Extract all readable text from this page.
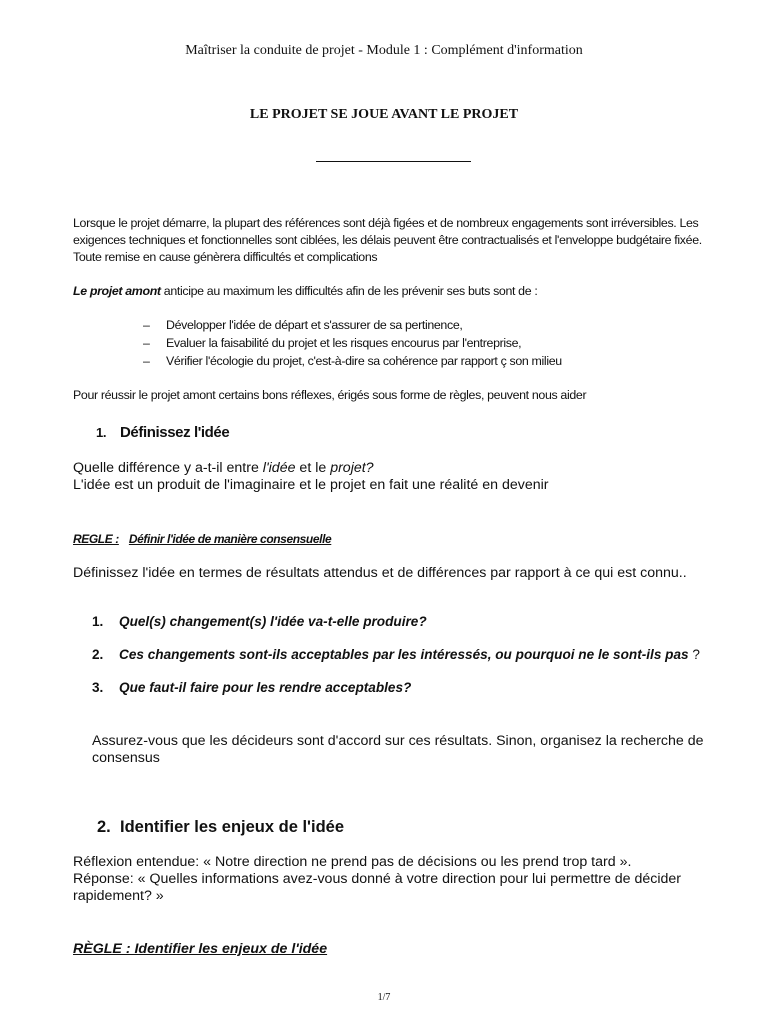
Maîtriser la conduite de projet - Module 1 : Complément d'information
LE PROJET SE JOUE AVANT LE PROJET
Lorsque le projet démarre, la plupart des références sont déjà figées et de nombreux engagements sont irréversibles. Les exigences techniques et fonctionnelles sont ciblées, les délais peuvent être contractualisés et l'enveloppe budgétaire fixée. Toute remise en cause génèrera difficultés et complications
Le projet amont anticipe au maximum les difficultés afin de les prévenir ses buts sont de :
– Développer l'idée de départ et s'assurer de sa pertinence,
– Evaluer la faisabilité du projet et les risques encourus par l'entreprise,
– Vérifier l'écologie du projet, c'est-à-dire sa cohérence par rapport ç son milieu
Pour réussir le projet amont certains bons réflexes, érigés sous forme de règles, peuvent nous aider
1. Définissez l'idée
Quelle différence y a-t-il entre l'idée et le projet?
L'idée est un produit de l'imaginaire et le projet en fait une réalité en devenir
REGLE : Définir l'idée de manière consensuelle
Définissez l'idée en termes de résultats attendus et de différences par rapport à ce qui est connu..
1. Quel(s) changement(s) l'idée va-t-elle produire?
2. Ces changements sont-ils acceptables par les intéressés, ou pourquoi ne le sont-ils pas ?
3. Que faut-il faire pour les rendre acceptables?
Assurez-vous que les décideurs sont d'accord sur ces résultats. Sinon, organisez la recherche de consensus
2. Identifier les enjeux de l'idée
Réflexion entendue: « Notre direction ne prend pas de décisions ou les prend trop tard ».
Réponse: « Quelles informations avez-vous donné à votre direction pour lui permettre de décider rapidement? »
RÈGLE : Identifier les enjeux de l'idée
1/7
